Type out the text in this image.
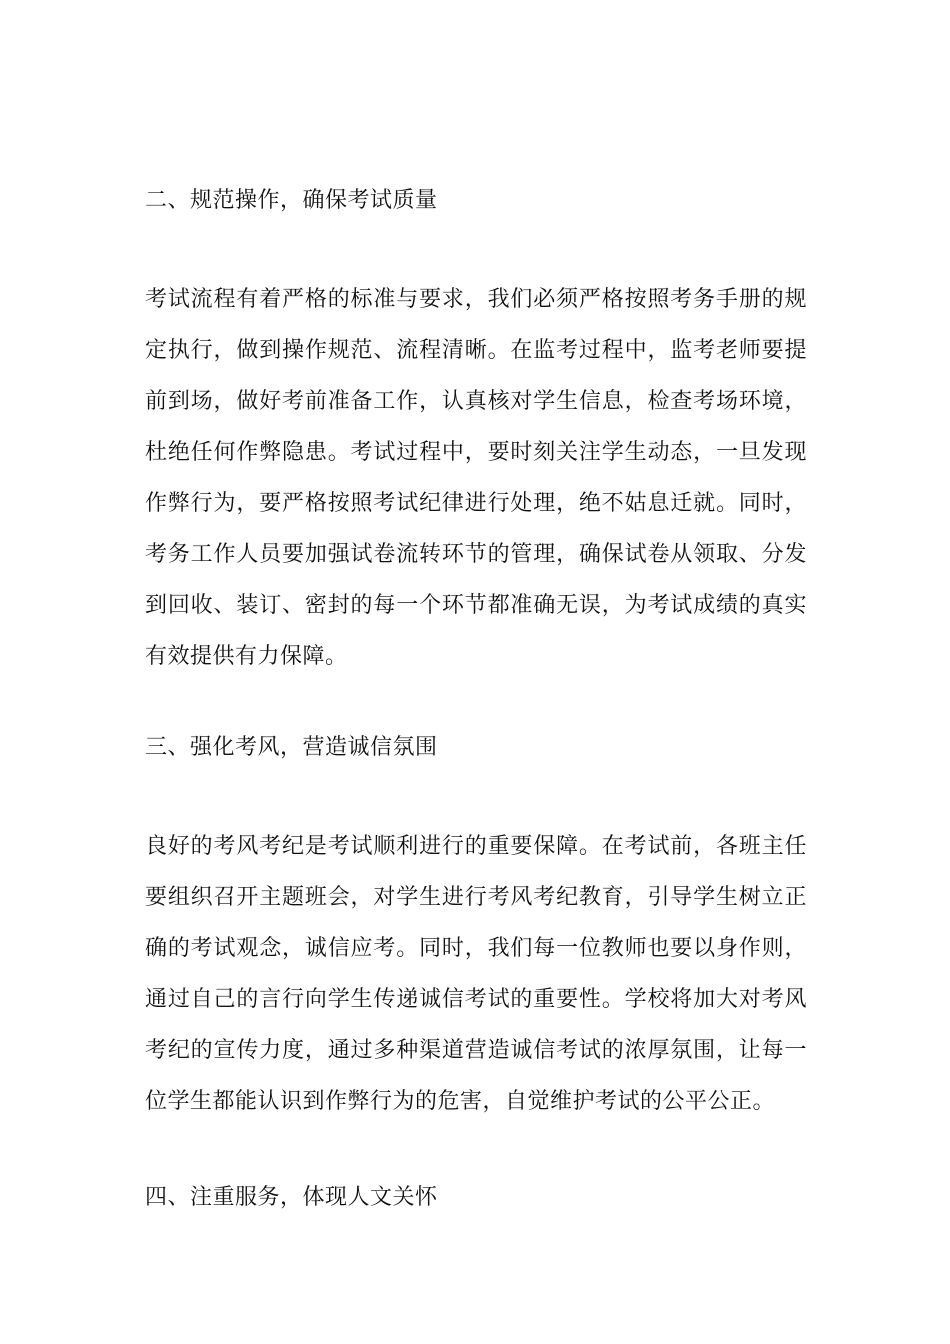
二、规范操作，确保考试质量
考试流程有着严格的标准与要求，我们必须严格按照考务手册的规
定执行，做到操作规范、流程清晰。在监考过程中，监考老师要提
前到场，做好考前准备工作，认真核对学生信息，检查考场环境，
杜绝任何作弊隐患。考试过程中，要时刻关注学生动态，一旦发现
作弊行为，要严格按照考试纪律进行处理，绝不姑息迁就。同时，
考务工作人员要加强试卷流转环节的管理，确保试卷从领取、分发
到回收、装订、密封的每一个环节都准确无误，为考试成绩的真实
有效提供有力保障。
三、强化考风，营造诚信氛围
良好的考风考纪是考试顺利进行的重要保障。在考试前，各班主任
要组织召开主题班会，对学生进行考风考纪教育，引导学生树立正
确的考试观念，诚信应考。同时，我们每一位教师也要以身作则，
通过自己的言行向学生传递诚信考试的重要性。学校将加大对考风
考纪的宣传力度，通过多种渠道营造诚信考试的浓厚氛围，让每一
位学生都能认识到作弊行为的危害，自觉维护考试的公平公正。
四、注重服务，体现人文关怀
